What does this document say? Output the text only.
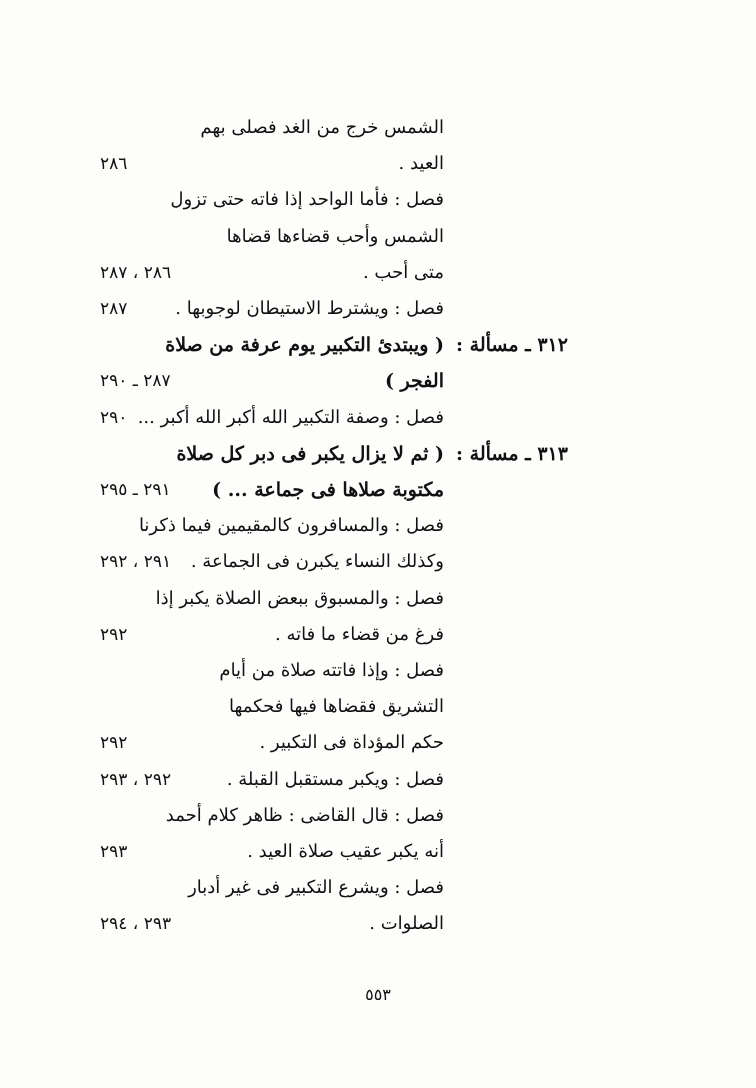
الشمس خرج من الغد فصلى بهم
العيد .
٢٨٦
فصل : فأما الواحد إذا فاته حتى تزول
الشمس وأحب قضاءها قضاها
متى أحب .
٢٨٦ ، ٢٨٧
فصل : ويشترط الاستيطان لوجوبها .
٢٨٧
( ويبتدئ التكبير يوم عرفة من صلاة ٣١٢ ـ مسألة :
الفجر )
٢٨٧ ـ ٢٩٠
فصل : وصفة التكبير الله أكبر الله أكبر ...
٢٩٠
( ثم لا يزال يكبر فى دبر كل صلاة ٣١٣ ـ مسألة :
مكتوبة صلاها فى جماعة ... )
٢٩١ ـ ٢٩٥
فصل : والمسافرون كالمقيمين فيما ذكرنا
وكذلك النساء يكبرن فى الجماعة .
٢٩١ ، ٢٩٢
فصل : والمسبوق ببعض الصلاة يكبر إذا
فرغ من قضاء ما فاته .
٢٩٢
فصل : وإذا فاتته صلاة من أيام
التشريق فقضاها فيها فحكمها
حكم المؤداة فى التكبير .
٢٩٢
فصل : ويكبر مستقبل القبلة .
٢٩٢ ، ٢٩٣
فصل : قال القاضى : ظاهر كلام أحمد
أنه يكبر عقيب صلاة العيد .
٢٩٣
فصل : ويشرع التكبير فى غير أدبار
الصلوات .
٢٩٣ ، ٢٩٤
٥٥٣
